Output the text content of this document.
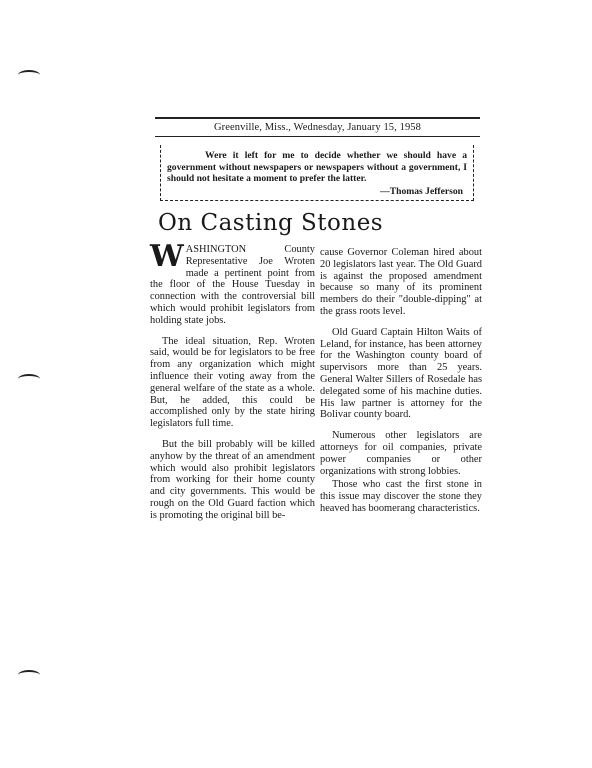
Greenville, Miss., Wednesday, January 15, 1958

Were it left for me to decide whether we should have a government without newspapers or newspapers without a government, I should not hesitate a moment to prefer the latter.

—Thomas Jefferson
On Casting Stones

WASHINGTON County Representative Joe Wroten made a pertinent point from the floor of the House Tuesday in connection with the controversial bill which would prohibit legislators from holding state jobs.

The ideal situation, Rep. Wroten said, would be for legislators to be free from any organization which might influence their voting away from the general welfare of the state as a whole. But, he added, this could be accomplished only by the state hiring legislators full time.

But the bill probably will be killed anyhow by the threat of an amendment which would also prohibit legislators from working for their home county and city governments. This would be rough on the Old Guard faction which is promoting the original bill be-

cause Governor Coleman hired about 20 legislators last year. The Old Guard is against the proposed amendment because so many of its prominent members do their "double-dipping" at the grass roots level.

Old Guard Captain Hilton Waits of Leland, for instance, has been attorney for the Washington county board of supervisors more than 25 years. General Walter Sillers of Rosedale has delegated some of his machine duties. His law partner is attorney for the Bolivar county board.

Numerous other legislators are attorneys for oil companies, private power companies or other organizations with strong lobbies.

Those who cast the first stone in this issue may discover the stone they heaved has boomerang characteristics.
